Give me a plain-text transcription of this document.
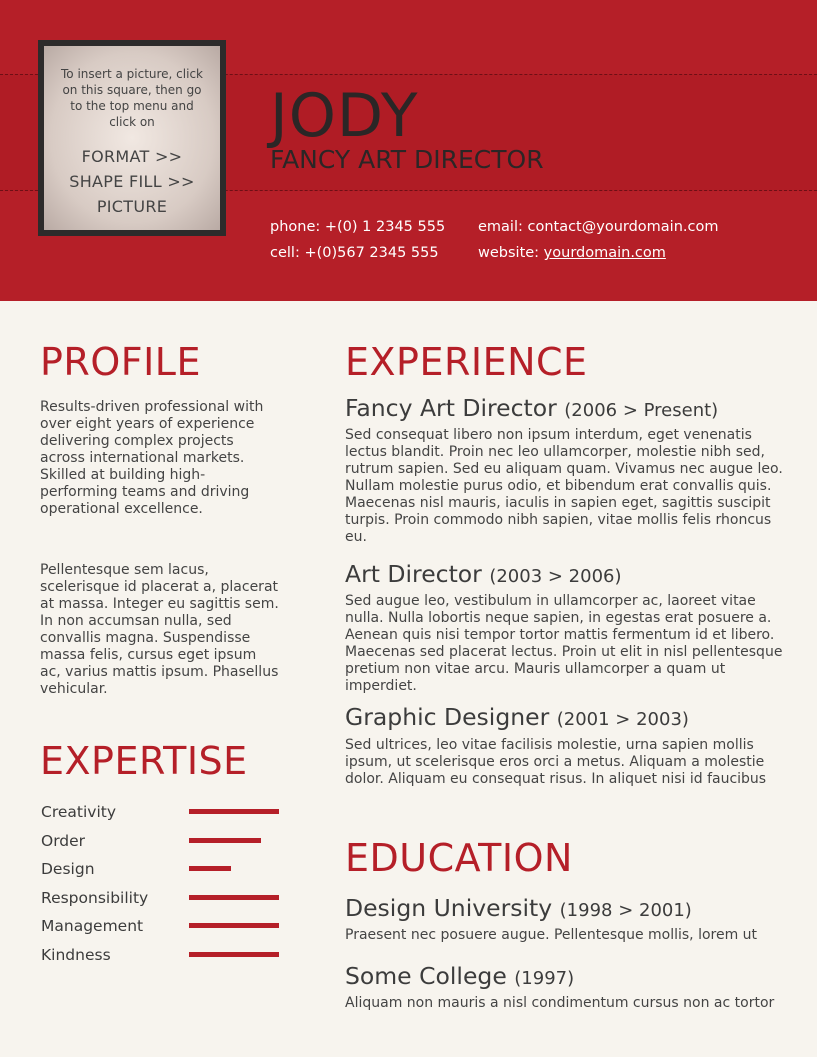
To insert a picture, click on this square, then go to the top menu and click on
FORMAT >>
SHAPE FILL >>
PICTURE
JODY
FANCY ART DIRECTOR
phone: +(0) 1 2345 555
cell: +(0)567 2345 555
email: contact@yourdomain.com
website: yourdomain.com
PROFILE

Results-driven professional with over eight years of experience delivering complex projects across international markets. Skilled at building high-performing teams and driving operational excellence.

Pellentesque sem lacus, scelerisque id placerat a, placerat at massa. Integer eu sagittis sem. In non accumsan nulla, sed convallis magna. Suspendisse massa felis, cursus eget ipsum ac, varius mattis ipsum. Phasellus vehicular.

EXPERTISE
Creativity
Order
Design
Responsibility
Management
Kindness
EXPERIENCE
Fancy Art Director (2006 > Present)

Sed consequat libero non ipsum interdum, eget venenatis lectus blandit. Proin nec leo ullamcorper, molestie nibh sed, rutrum sapien. Sed eu aliquam quam. Vivamus nec augue leo. Nullam molestie purus odio, et bibendum erat convallis quis. Maecenas nisl mauris, iaculis in sapien eget, sagittis suscipit turpis. Proin commodo nibh sapien, vitae mollis felis rhoncus eu.

Art Director (2003 > 2006)

Sed augue leo, vestibulum in ullamcorper ac, laoreet vitae nulla. Nulla lobortis neque sapien, in egestas erat posuere a. Aenean quis nisi tempor tortor mattis fermentum id et libero. Maecenas sed placerat lectus. Proin ut elit in nisl pellentesque pretium non vitae arcu. Mauris ullamcorper a quam ut imperdiet.

Graphic Designer (2001 > 2003)

Sed ultrices, leo vitae facilisis molestie, urna sapien mollis ipsum, ut scelerisque eros orci a metus. Aliquam a molestie dolor. Aliquam eu consequat risus. In aliquet nisi id faucibus

EDUCATION
Design University (1998 > 2001)

Praesent nec posuere augue. Pellentesque mollis, lorem ut

Some College (1997)

Aliquam non mauris a nisl condimentum cursus non ac tortor
